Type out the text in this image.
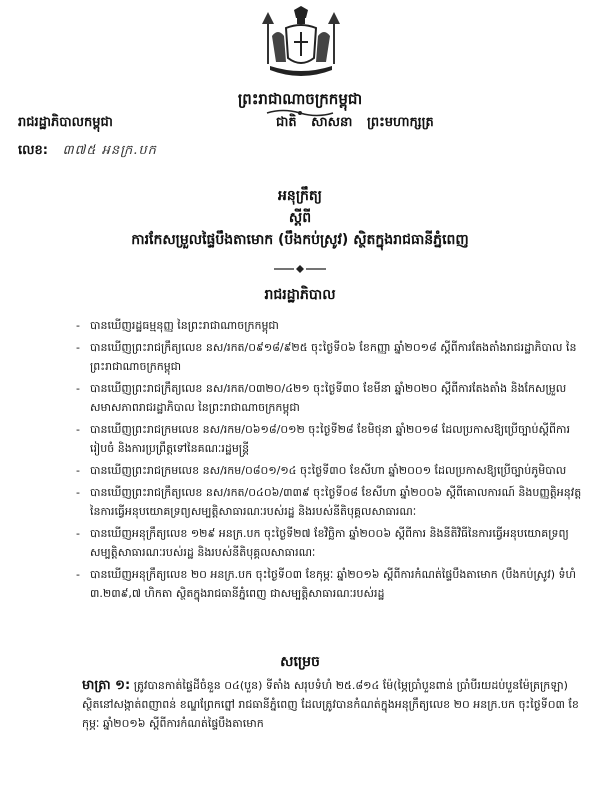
ព្រះរាជាណាចក្រកម្ពុជា
រាជរដ្ឋាភិបាលកម្ពុជា	ជាតិ សាសនា ព្រះមហាក្សត្រ
លេខ: ៣៧៥ អនក្រ.បក
អនុក្រឹត្យ
ស្តីពី
ការកែសម្រួលផ្ទៃបឹងតាមោក (បឹងកប់ស្រូវ) ស្ថិតក្នុងរាជធានីភ្នំពេញ
រាជរដ្ឋាភិបាល
- បានឃើញរដ្ឋធម្មនុញ្ញ នៃព្រះរាជាណាចក្រកម្ពុជា
- បានឃើញព្រះរាជក្រឹត្យលេខ នស/រកត/០៩១៨/៩២៥ ចុះថ្ងៃទី០៦ ខែកញ្ញា ឆ្នាំ២០១៨ ស្តីពីការតែងតាំងរាជរដ្ឋាភិបាល នៃព្រះរាជាណាចក្រកម្ពុជា
- បានឃើញព្រះរាជក្រឹត្យលេខ នស/រកត/០៣២០/៤២១ ចុះថ្ងៃទី៣០ ខែមីនា ឆ្នាំ២០២០ ស្តីពីការតែងតាំង និងកែសម្រួលសមាសភាពរាជរដ្ឋាភិបាល នៃព្រះរាជាណាចក្រកម្ពុជា
- បានឃើញព្រះរាជក្រមលេខ នស/រកម/០៦១៨/០១២ ចុះថ្ងៃទី២៨ ខែមិថុនា ឆ្នាំ២០១៨ ដែលប្រកាសឱ្យប្រើច្បាប់ស្តីពីការរៀបចំ និងការប្រព្រឹត្តទៅនៃគណៈរដ្ឋមន្ត្រី
- បានឃើញព្រះរាជក្រមលេខ នស/រកម/០៨០១/១៤ ចុះថ្ងៃទី៣០ ខែសីហា ឆ្នាំ២០០១ ដែលប្រកាសឱ្យប្រើច្បាប់ភូមិបាល
- បានឃើញព្រះរាជក្រឹត្យលេខ នស/រកត/០៤០៦/៣៣៩ ចុះថ្ងៃទី០៨ ខែសីហា ឆ្នាំ២០០៦ ស្តីពីគោលការណ៍ និងបញ្ញត្តិអនុវត្តនៃការធ្វើអនុបយោគទ្រព្យសម្បត្តិសាធារណៈរបស់រដ្ឋ និងរបស់នីតិបុគ្គលសាធារណៈ
- បានឃើញអនុក្រឹត្យលេខ ១២៩ អនក្រ.បក ចុះថ្ងៃទី២៧ ខែវិច្ឆិកា ឆ្នាំ២០០៦ ស្តីពីការ និងនីតិវិធីនៃការធ្វើអនុបយោគទ្រព្យសម្បត្តិសាធារណៈរបស់រដ្ឋ និងរបស់នីតិបុគ្គលសាធារណៈ
- បានឃើញអនុក្រឹត្យលេខ ២០ អនក្រ.បក ចុះថ្ងៃទី០៣ ខែកុម្ភៈ ឆ្នាំ២០១៦ ស្តីពីការកំណត់ផ្ទៃបឹងតាមោក (បឹងកប់ស្រូវ) ទំហំ ៣.២៣៩,៧ ហិកតា ស្ថិតក្នុងរាជធានីភ្នំពេញ ជាសម្បត្តិសាធារណៈរបស់រដ្ឋ
សម្រេច
មាត្រា ១: ត្រូវបានកាត់ផ្ទៃដីចំនួន ០៤(បួន) ទីតាំង សរុបទំហំ ២៥.៨១៤ ម៉ែ(ម្ភៃប្រាំបួនពាន់ ប្រាំបីរយដប់បួនម៉ែត្រក្រឡា) ស្ថិតនៅសង្កាត់ពញាពន់ ខណ្ឌព្រែកព្នៅ រាជធានីភ្នំពេញ ដែលត្រូវបានកំណត់ក្នុងអនុក្រឹត្យលេខ ២០ អនក្រ.បក ចុះថ្ងៃទី០៣ ខែកុម្ភៈ ឆ្នាំ២០១៦ ស្តីពីការកំណត់ផ្ទៃបឹងតាមោក
